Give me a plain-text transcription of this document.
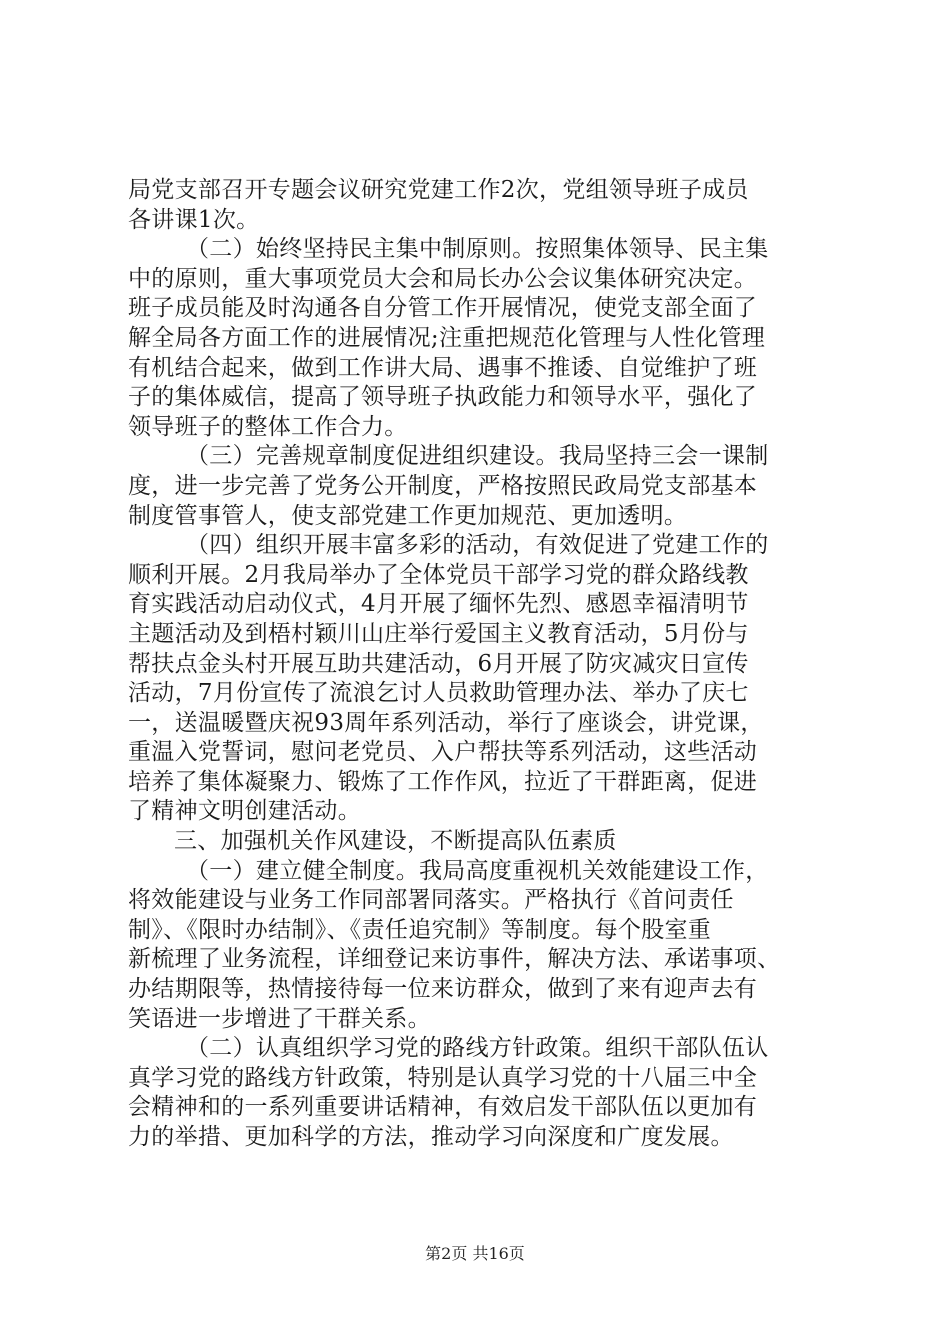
局党支部召开专题会议研究党建工作2次，党组领导班子成员
各讲课1次。
（二）始终坚持民主集中制原则。按照集体领导、民主集
中的原则，重大事项党员大会和局长办公会议集体研究决定。
班子成员能及时沟通各自分管工作开展情况，使党支部全面了
解全局各方面工作的进展情况;注重把规范化管理与人性化管理
有机结合起来，做到工作讲大局、遇事不推诿、自觉维护了班
子的集体威信，提高了领导班子执政能力和领导水平，强化了
领导班子的整体工作合力。
（三）完善规章制度促进组织建设。我局坚持三会一课制
度，进一步完善了党务公开制度，严格按照民政局党支部基本
制度管事管人，使支部党建工作更加规范、更加透明。
（四）组织开展丰富多彩的活动，有效促进了党建工作的
顺利开展。2月我局举办了全体党员干部学习党的群众路线教
育实践活动启动仪式，4月开展了缅怀先烈、感恩幸福清明节
主题活动及到梧村颖川山庄举行爱国主义教育活动，5月份与
帮扶点金头村开展互助共建活动，6月开展了防灾减灾日宣传
活动，7月份宣传了流浪乞讨人员救助管理办法、举办了庆七
一，送温暖暨庆祝93周年系列活动，举行了座谈会，讲党课，
重温入党誓词，慰问老党员、入户帮扶等系列活动，这些活动
培养了集体凝聚力、锻炼了工作作风，拉近了干群距离，促进
了精神文明创建活动。
三、加强机关作风建设，不断提高队伍素质
（一）建立健全制度。我局高度重视机关效能建设工作，
将效能建设与业务工作同部署同落实。严格执行《首问责任
制》、《限时办结制》、《责任追究制》等制度。每个股室重
新梳理了业务流程，详细登记来访事件，解决方法、承诺事项、
办结期限等，热情接待每一位来访群众，做到了来有迎声去有
笑语进一步增进了干群关系。
（二）认真组织学习党的路线方针政策。组织干部队伍认
真学习党的路线方针政策，特别是认真学习党的十八届三中全
会精神和的一系列重要讲话精神，有效启发干部队伍以更加有
力的举措、更加科学的方法，推动学习向深度和广度发展。
第2页 共16页
